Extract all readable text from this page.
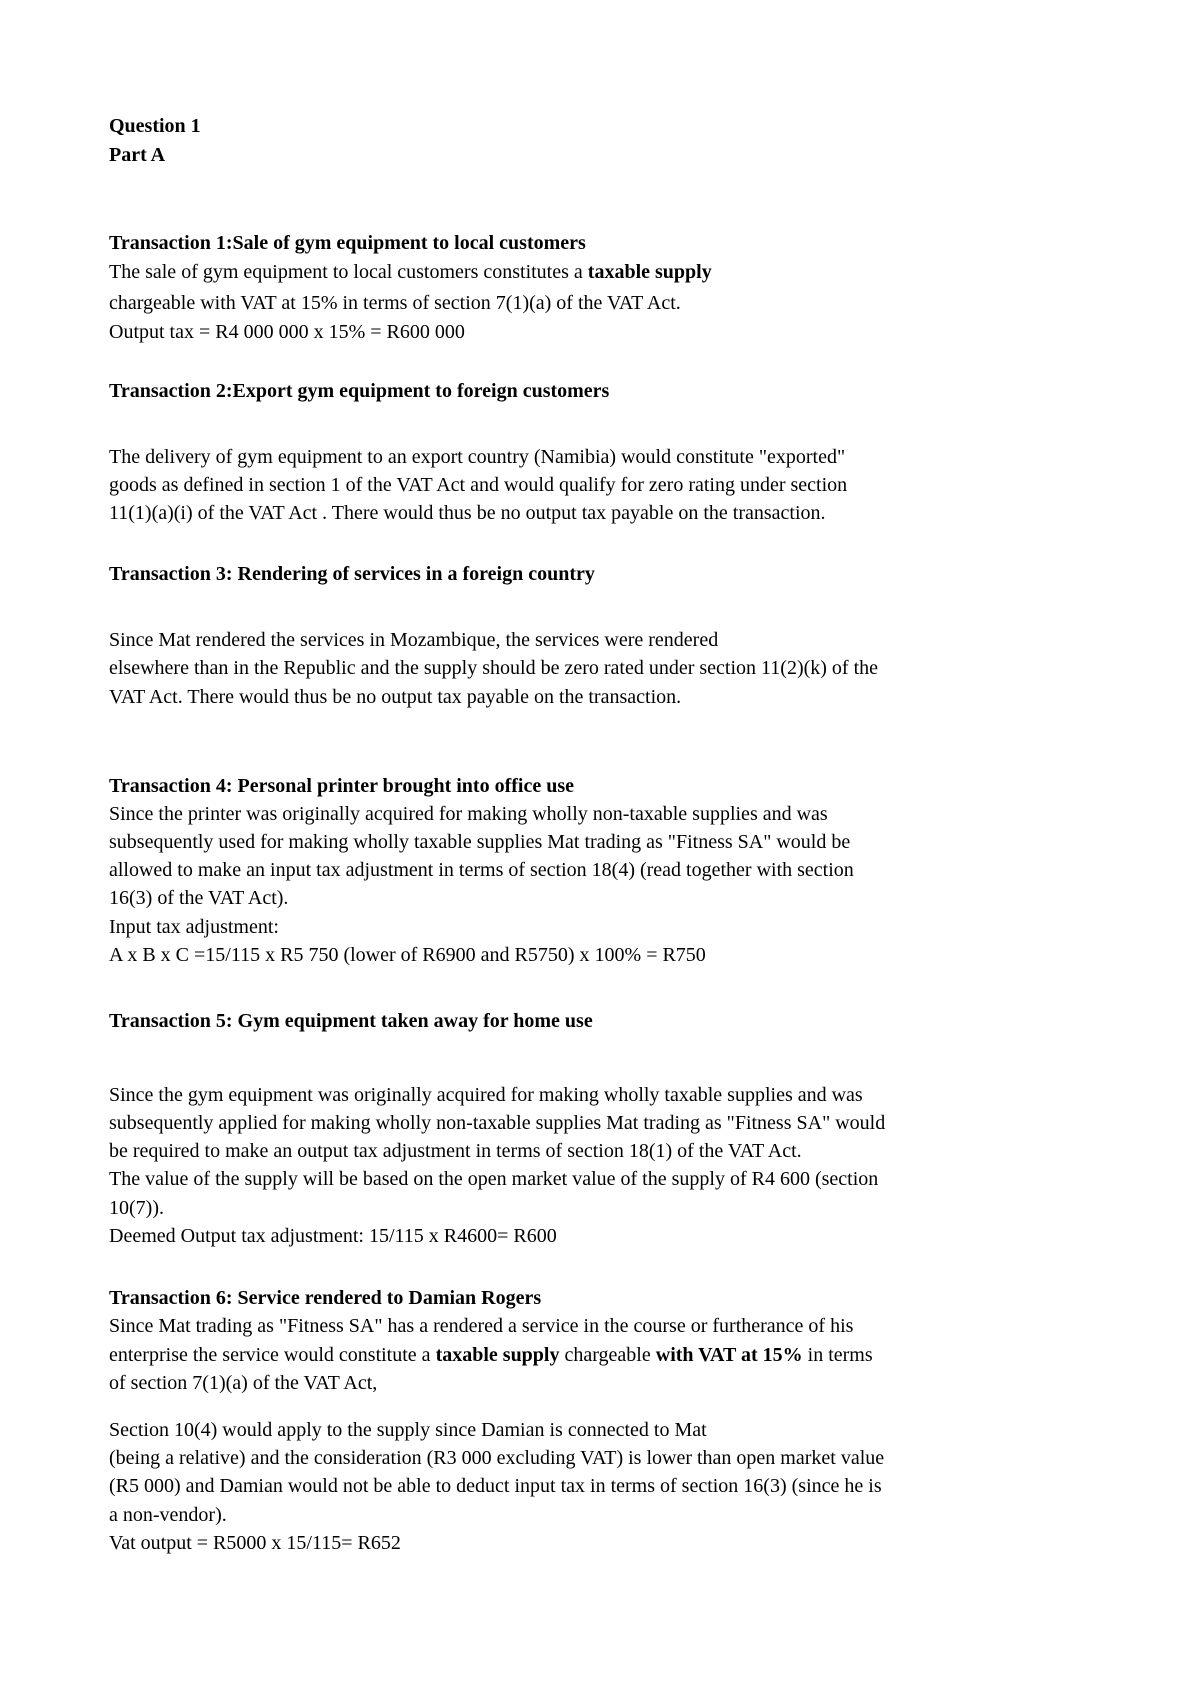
Question 1
Part A
Transaction 1:Sale of gym equipment to local customers
The sale of gym equipment to local customers constitutes a taxable supply
chargeable with VAT at 15% in terms of section 7(1)(a) of the VAT Act.
Output tax = R4 000 000 x 15% = R600 000
Transaction 2:Export gym equipment to foreign customers
The delivery of gym equipment to an export country (Namibia) would constitute "exported"
goods as defined in section 1 of the VAT Act and would qualify for zero rating under section
11(1)(a)(i) of the VAT Act . There would thus be no output tax payable on the transaction.
Transaction 3: Rendering of services in a foreign country
Since Mat rendered the services in Mozambique, the services were rendered
elsewhere than in the Republic and the supply should be zero rated under section 11(2)(k) of the
VAT Act. There would thus be no output tax payable on the transaction.
Transaction 4: Personal printer brought into office use
Since the printer was originally acquired for making wholly non-taxable supplies and was
subsequently used for making wholly taxable supplies Mat trading as "Fitness SA" would be
allowed to make an input tax adjustment in terms of section 18(4) (read together with section
16(3) of the VAT Act).
Input tax adjustment:
A x B x C =15/115 x R5 750 (lower of R6900 and R5750) x 100% = R750
Transaction 5: Gym equipment taken away for home use
Since the gym equipment was originally acquired for making wholly taxable supplies and was
subsequently applied for making wholly non-taxable supplies Mat trading as "Fitness SA" would
be required to make an output tax adjustment in terms of section 18(1) of the VAT Act.
The value of the supply will be based on the open market value of the supply of R4 600 (section
10(7)).
Deemed Output tax adjustment: 15/115 x R4600= R600
Transaction 6: Service rendered to Damian Rogers
Since Mat trading as "Fitness SA" has a rendered a service in the course or furtherance of his
enterprise the service would constitute a taxable supply chargeable with VAT at 15% in terms
of section 7(1)(a) of the VAT Act,
Section 10(4) would apply to the supply since Damian is connected to Mat
(being a relative) and the consideration (R3 000 excluding VAT) is lower than open market value
(R5 000) and Damian would not be able to deduct input tax in terms of section 16(3) (since he is
a non-vendor).
Vat output = R5000 x 15/115= R652
